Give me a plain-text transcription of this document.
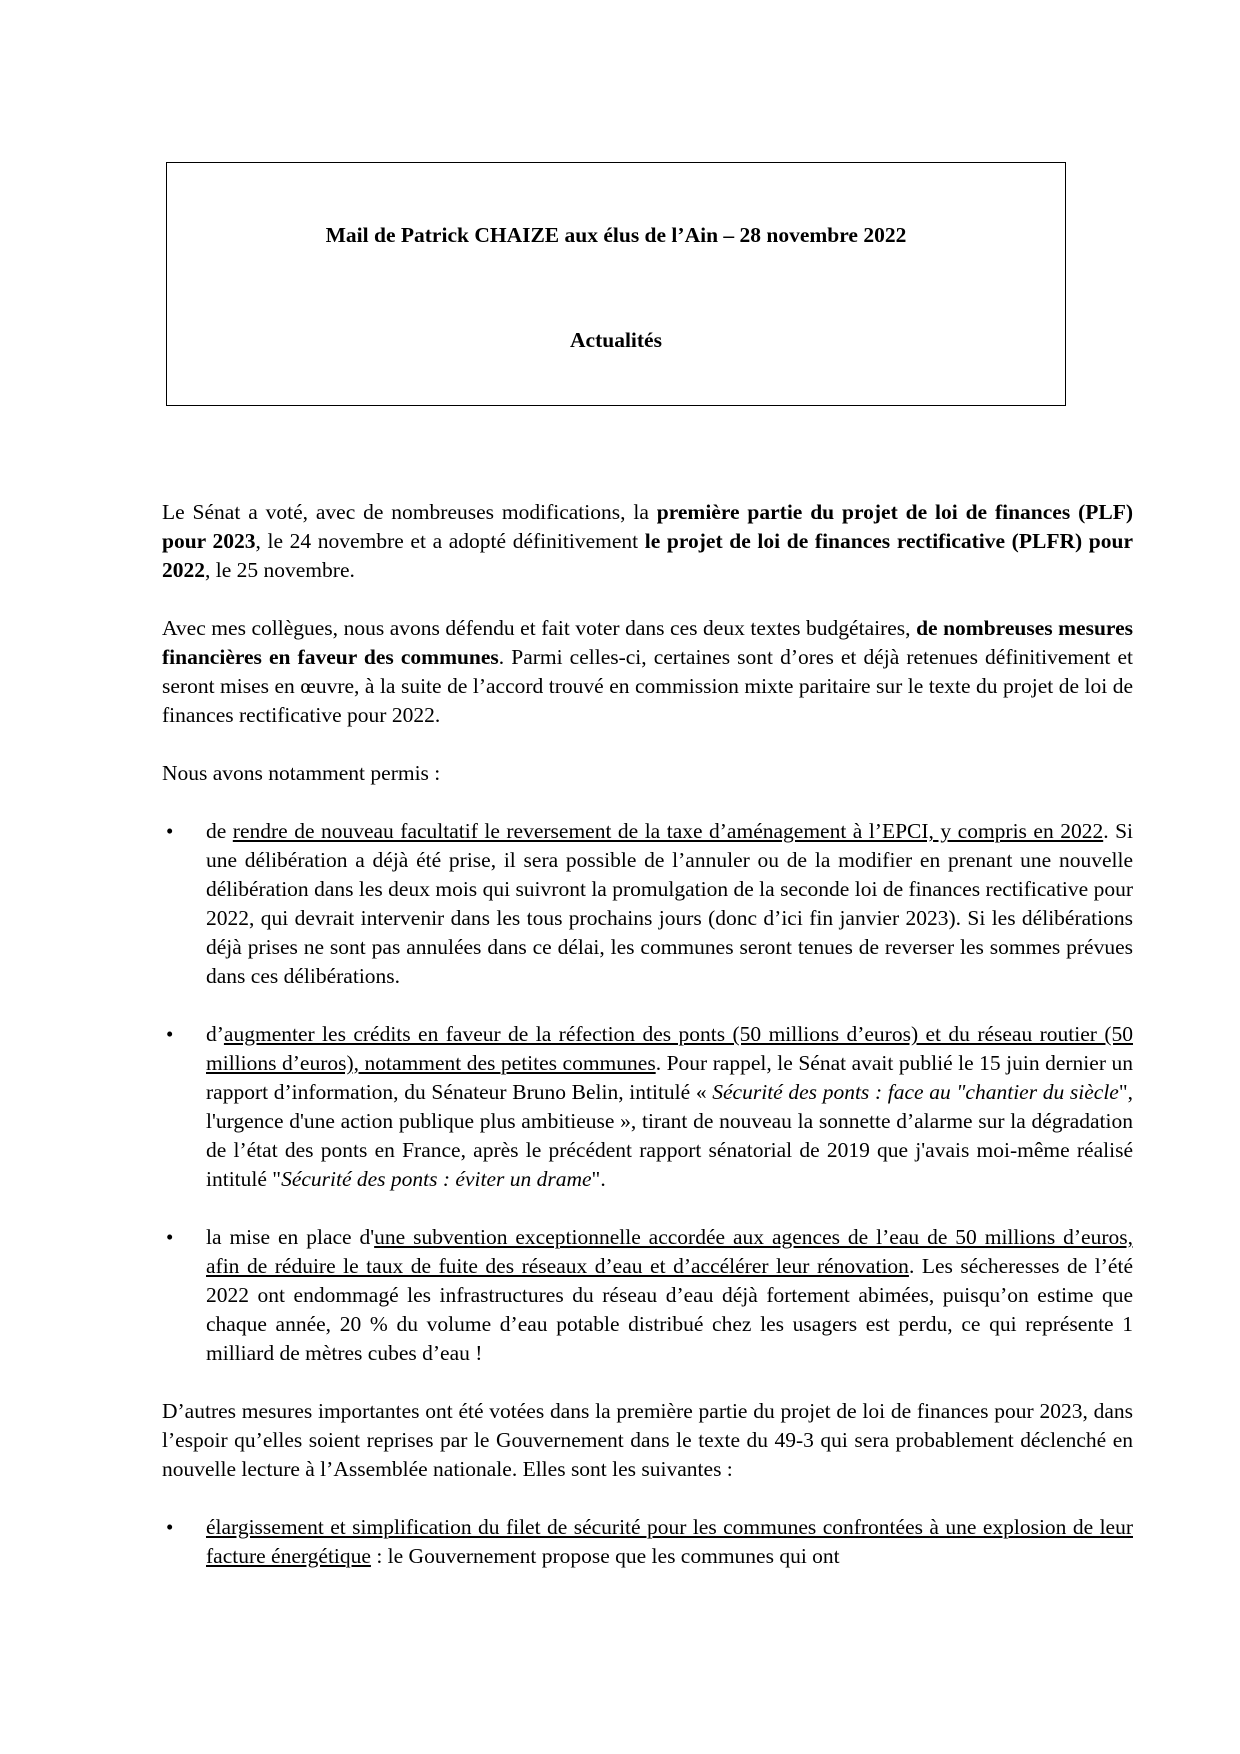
Mail de Patrick CHAIZE aux élus de l’Ain – 28 novembre 2022
Actualités

Le Sénat a voté, avec de nombreuses modifications, la première partie du projet de loi de finances (PLF) pour 2023, le 24 novembre et a adopté définitivement le projet de loi de finances rectificative (PLFR) pour 2022, le 25 novembre.

Avec mes collègues, nous avons défendu et fait voter dans ces deux textes budgétaires, de nombreuses mesures financières en faveur des communes. Parmi celles-ci, certaines sont d’ores et déjà retenues définitivement et seront mises en œuvre, à la suite de l’accord trouvé en commission mixte paritaire sur le texte du projet de loi de finances rectificative pour 2022.

Nous avons notamment permis :

• de rendre de nouveau facultatif le reversement de la taxe d’aménagement à l’EPCI, y compris en 2022. Si une délibération a déjà été prise, il sera possible de l’annuler ou de la modifier en prenant une nouvelle délibération dans les deux mois qui suivront la promulgation de la seconde loi de finances rectificative pour 2022, qui devrait intervenir dans les tous prochains jours (donc d’ici fin janvier 2023). Si les délibérations déjà prises ne sont pas annulées dans ce délai, les communes seront tenues de reverser les sommes prévues dans ces délibérations.
• d’augmenter les crédits en faveur de la réfection des ponts (50 millions d’euros) et du réseau routier (50 millions d’euros), notamment des petites communes. Pour rappel, le Sénat avait publié le 15 juin dernier un rapport d’information, du Sénateur Bruno Belin, intitulé « Sécurité des ponts : face au "chantier du siècle", l'urgence d'une action publique plus ambitieuse », tirant de nouveau la sonnette d’alarme sur la dégradation de l’état des ponts en France, après le précédent rapport sénatorial de 2019 que j'avais moi-même réalisé intitulé "Sécurité des ponts : éviter un drame".
• la mise en place d'une subvention exceptionnelle accordée aux agences de l’eau de 50 millions d’euros, afin de réduire le taux de fuite des réseaux d’eau et d’accélérer leur rénovation. Les sécheresses de l’été 2022 ont endommagé les infrastructures du réseau d’eau déjà fortement abimées, puisqu’on estime que chaque année, 20 % du volume d’eau potable distribué chez les usagers est perdu, ce qui représente 1 milliard de mètres cubes d’eau !

D’autres mesures importantes ont été votées dans la première partie du projet de loi de finances pour 2023, dans l’espoir qu’elles soient reprises par le Gouvernement dans le texte du 49-3 qui sera probablement déclenché en nouvelle lecture à l’Assemblée nationale. Elles sont les suivantes :

• élargissement et simplification du filet de sécurité pour les communes confrontées à une explosion de leur facture énergétique : le Gouvernement propose que les communes qui ont
